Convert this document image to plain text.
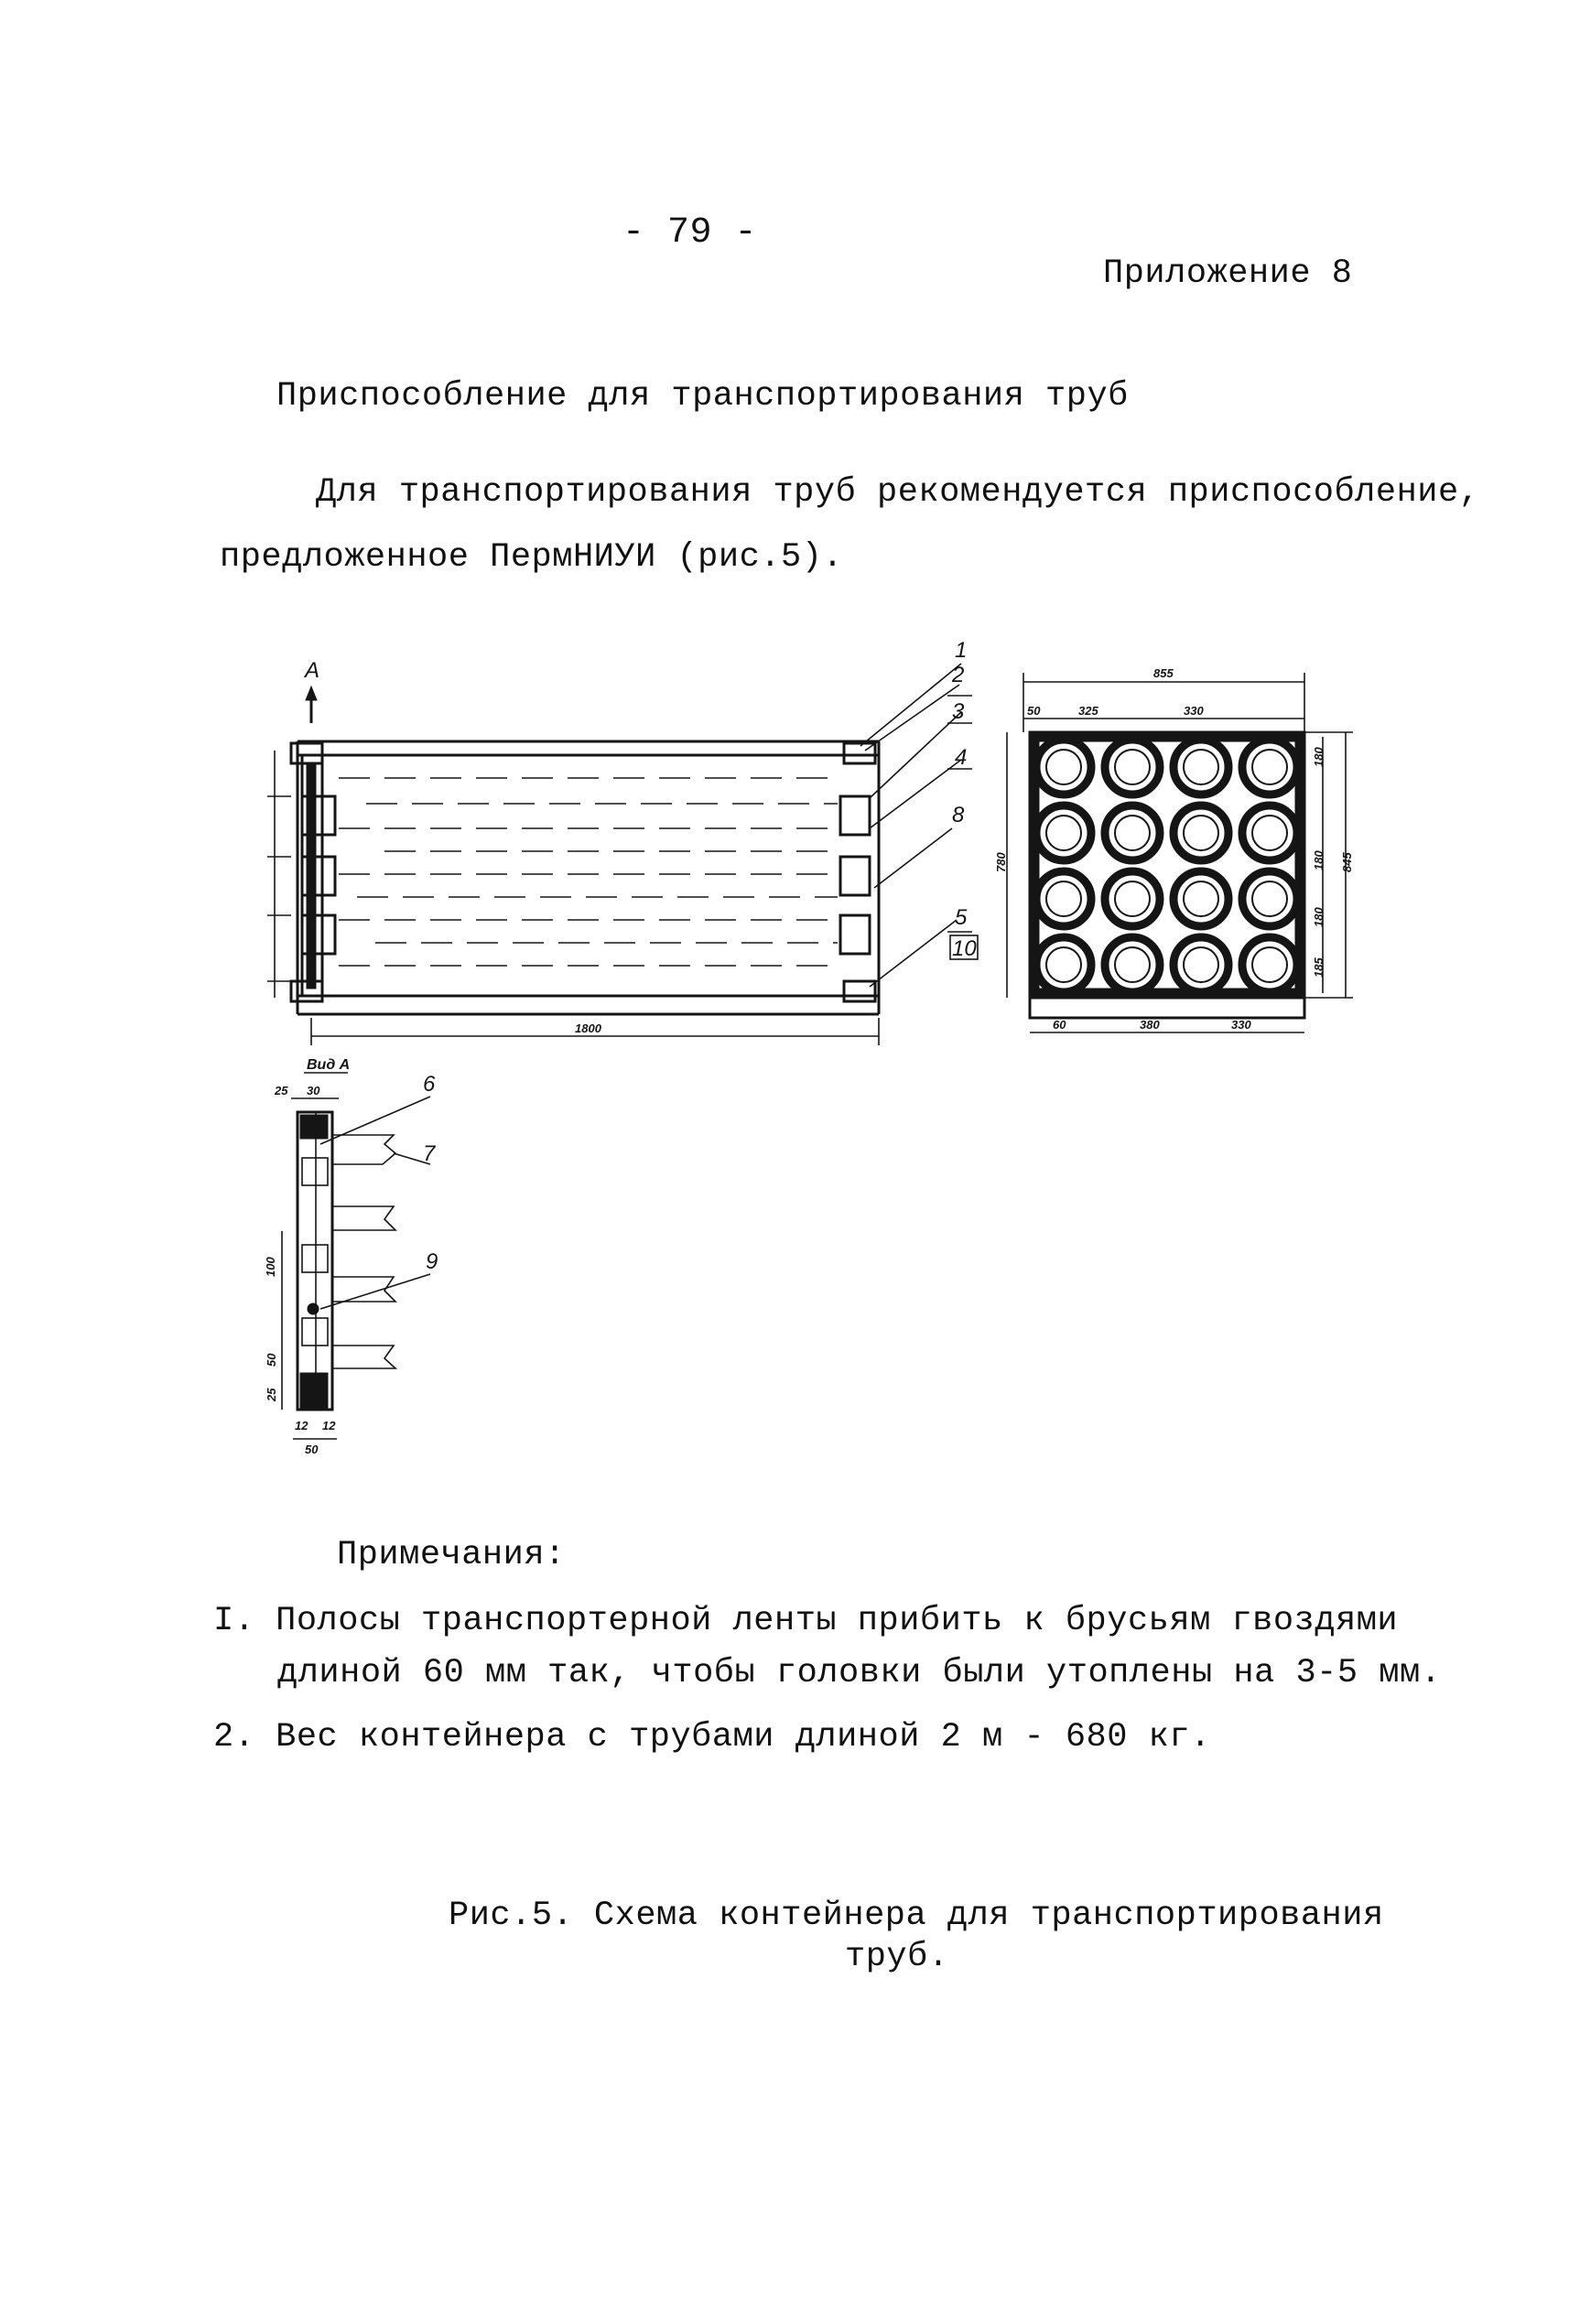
- 79 -
Приложение 8
Приспособление для транспортирования труб
Для транспортирования труб рекомендуется приспособление,
предложенное ПермНИУИ (рис.5).
A
1800
1
2
3
4
8
5
10
855
50	325	330
845
180
180
180
185
780
60	380	330
Вид А
25 30	6
7
9
100
50
25
12 12
50
Примечания:
I. Полосы транспортерной ленты прибить к брусьям гвоздями
длиной 60 мм так, чтобы головки были утоплены на 3-5 мм.
2. Вес контейнера с трубами длиной 2 м - 680 кг.
Рис.5. Схема контейнера для транспортирования
труб.
